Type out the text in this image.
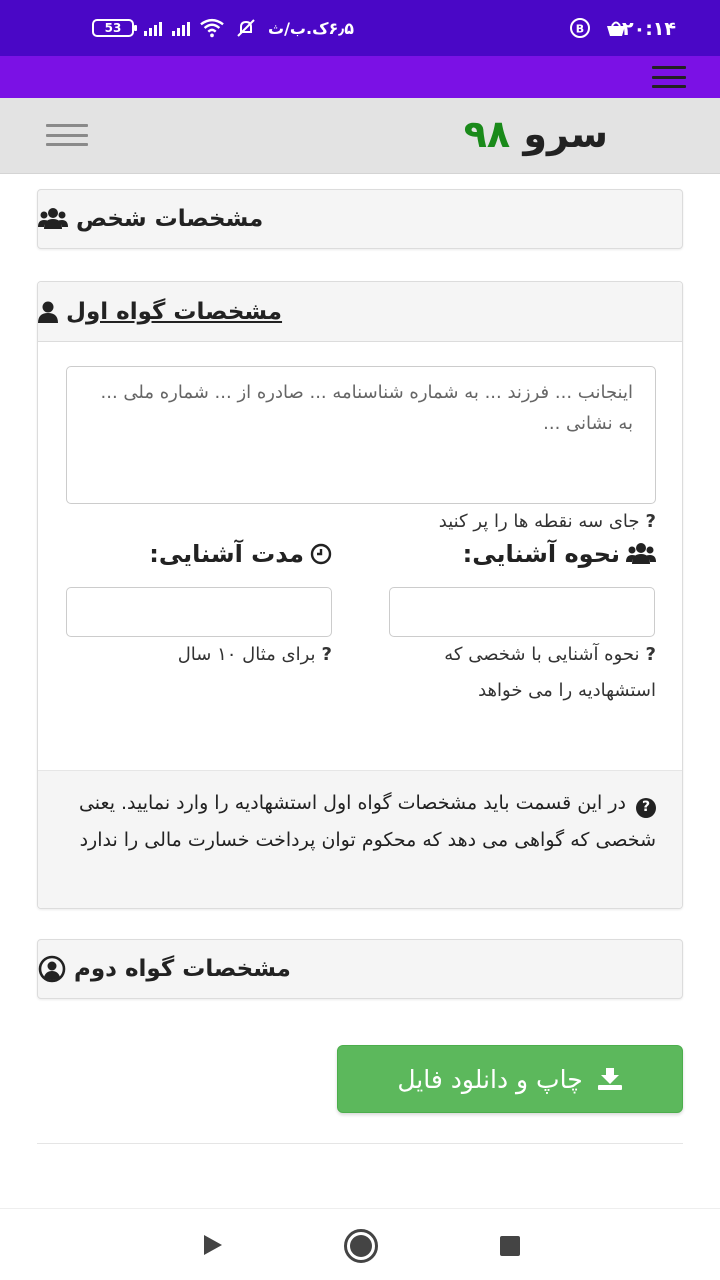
53	۶٫۵ک.ب/ث	B ۲۰:۱۴
سرو ۹۸
مشخصات شخص
مشخصات گواه اول
اینجانب ... فرزند ... به شماره شناسنامه ... صادره از ... شماره ملی ... به نشانی ...
?جای سه نقطه ها را پر کنید
نحوه آشنایی:
مدت آشنایی:
?نحوه آشنایی با شخصی که استشهادیه را می خواهد
?برای مثال ۱۰ سال
?در این قسمت باید مشخصات گواه اول استشهادیه را وارد نمایید. یعنی شخصی که گواهی می دهد که محکوم توان پرداخت خسارت مالی را ندارد
مشخصات گواه دوم
چاپ و دانلود فایل
